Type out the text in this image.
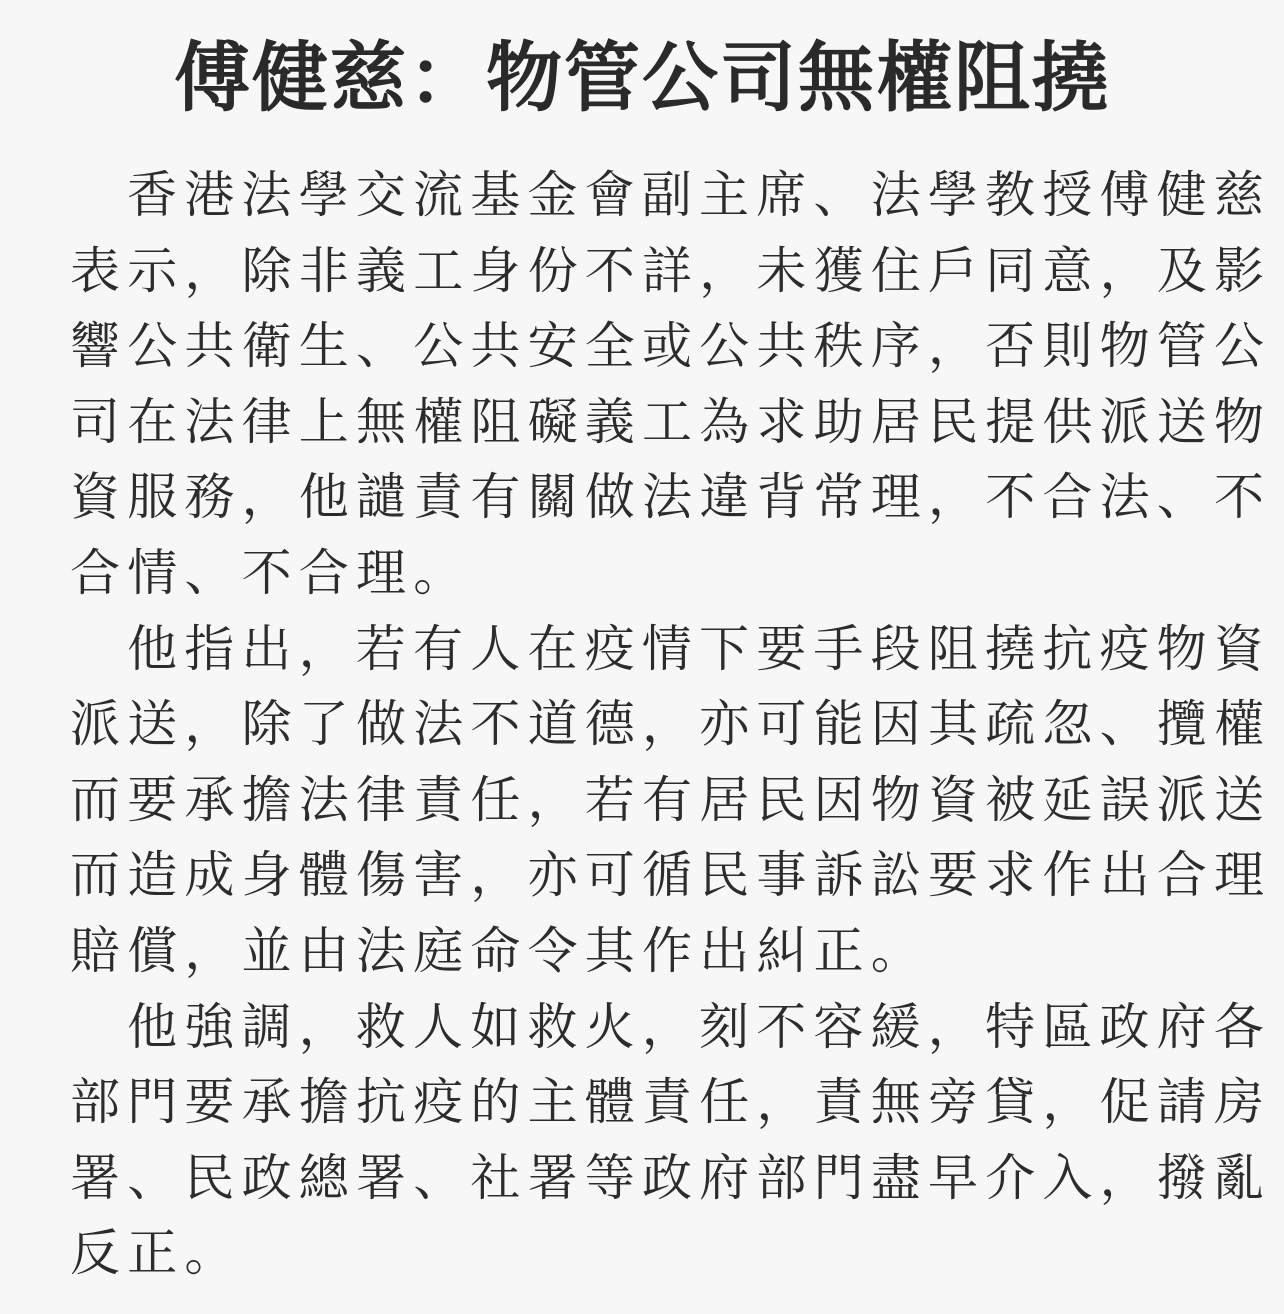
傅健慈：物管公司無權阻撓

香港法學交流基金會副主席、法學教授傅健慈
表示，除非義工身份不詳，未獲住戶同意，及影
響公共衛生、公共安全或公共秩序，否則物管公
司在法律上無權阻礙義工為求助居民提供派送物
資服務，他譴責有關做法違背常理，不合法、不
合情、不合理。

他指出，若有人在疫情下要手段阻撓抗疫物資
派送，除了做法不道德，亦可能因其疏忽、攬權
而要承擔法律責任，若有居民因物資被延誤派送
而造成身體傷害，亦可循民事訴訟要求作出合理
賠償，並由法庭命令其作出糾正。

他強調，救人如救火，刻不容緩，特區政府各
部門要承擔抗疫的主體責任，責無旁貸，促請房
署、民政總署、社署等政府部門盡早介入，撥亂
反正。
